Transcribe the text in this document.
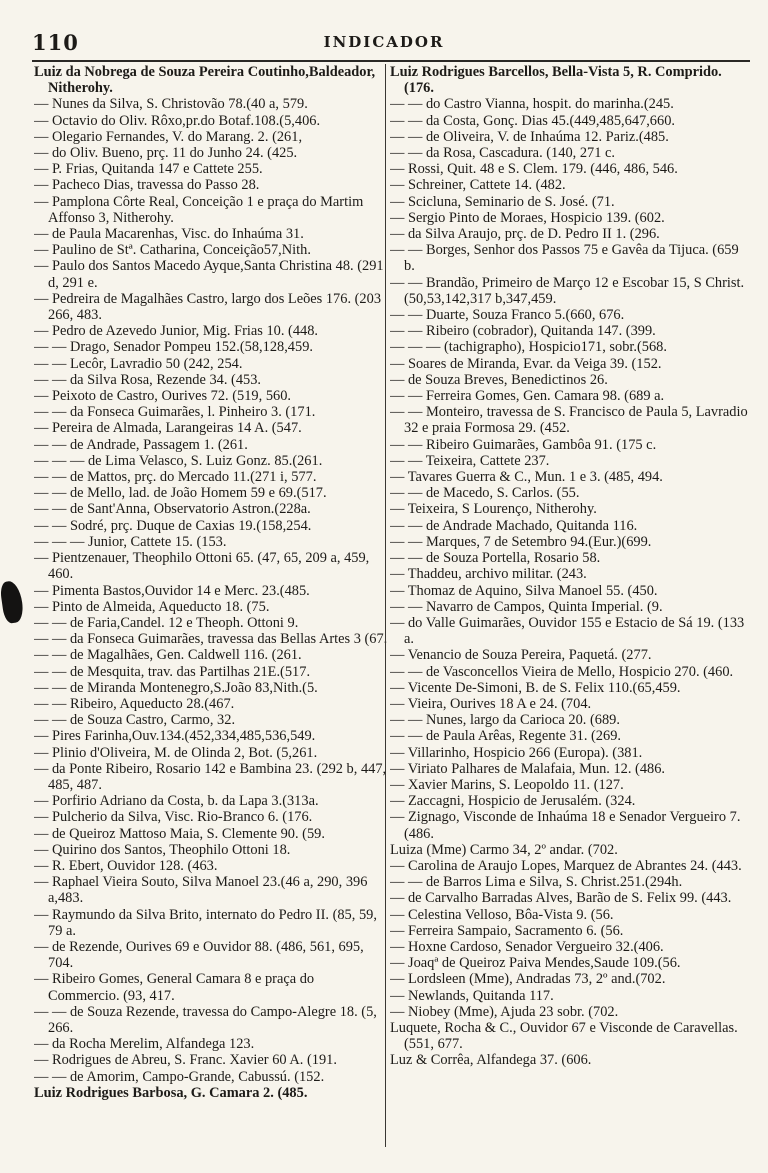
110	INDICADOR
Luiz da Nobrega de Souza Pereira Coutinho,Baldeador, Nitherohy.
— Nunes da Silva, S. Christovão 78.(40 a, 579.
— Octavio do Oliv. Rôxo,pr.do Botaf.108.(5,406.
— Olegario Fernandes, V. do Marang. 2. (261,
— do Oliv. Bueno, prç. 11 do Junho 24. (425.
— P. Frias, Quitanda 147 e Cattete 255.
— Pacheco Dias, travessa do Passo 28.
— Pamplona Côrte Real, Conceição 1 e praça do Martim Affonso 3, Nitherohy.
— de Paula Macarenhas, Visc. do Inhaúma 31.
— Paulino de Stª. Catharina, Conceição57,Nith.
— Paulo dos Santos Macedo Ayque,Santa Christina 48. (291 d, 291 e.
— Pedreira de Magalhães Castro, largo dos Leões 176. (203 266, 483.
— Pedro de Azevedo Junior, Mig. Frias 10. (448.
— — Drago, Senador Pompeu 152.(58,128,459.
— — Lecôr, Lavradio 50 (242, 254.
— — da Silva Rosa, Rezende 34. (453.
— Peixoto de Castro, Ourives 72. (519, 560.
— — da Fonseca Guimarães, l. Pinheiro 3. (171.
— Pereira de Almada, Larangeiras 14 A. (547.
— — de Andrade, Passagem 1. (261.
— — — de Lima Velasco, S. Luiz Gonz. 85.(261.
— — de Mattos, prç. do Mercado 11.(271 i, 577.
— — de Mello, lad. de João Homem 59 e 69.(517.
— — de Sant'Anna, Observatorio Astron.(228a.
— — Sodré, prç. Duque de Caxias 19.(158,254.
— — — Junior, Cattete 15. (153.
— Pientzenauer, Theophilo Ottoni 65. (47, 65, 209 a, 459, 460.
— Pimenta Bastos,Ouvidor 14 e Merc. 23.(485.
— Pinto de Almeida, Aqueducto 18. (75.
— — de Faria,Candel. 12 e Theoph. Ottoni 9.
— — da Fonseca Guimarães, travessa das Bellas Artes 3 (67.
— — de Magalhães, Gen. Caldwell 116. (261.
— — de Mesquita, trav. das Partilhas 21E.(517.
— — de Miranda Montenegro,S.João 83,Nith.(5.
— — Ribeiro, Aqueducto 28.(467.
— — de Souza Castro, Carmo, 32.
— Pires Farinha,Ouv.134.(452,334,485,536,549.
— Plinio d'Oliveira, M. de Olinda 2, Bot. (5,261.
— da Ponte Ribeiro, Rosario 142 e Bambina 23. (292 b, 447, 485, 487.
— Porfirio Adriano da Costa, b. da Lapa 3.(313a.
— Pulcherio da Silva, Visc. Rio-Branco 6. (176.
— de Queiroz Mattoso Maia, S. Clemente 90. (59.
— Quirino dos Santos, Theophilo Ottoni 18.
— R. Ebert, Ouvidor 128. (463.
— Raphael Vieira Souto, Silva Manoel 23.(46 a, 290, 396 a,483.
— Raymundo da Silva Brito, internato do Pedro II. (85, 59, 79 a.
— de Rezende, Ourives 69 e Ouvidor 88. (486, 561, 695, 704.
— Ribeiro Gomes, General Camara 8 e praça do Commercio. (93, 417.
— — de Souza Rezende, travessa do Campo-Alegre 18. (5, 266.
— da Rocha Merelim, Alfandega 123.
— Rodrigues de Abreu, S. Franc. Xavier 60 A. (191.
— — de Amorim, Campo-Grande, Cabussú. (152.
Luiz Rodrigues Barbosa, G. Camara 2. (485.
Luiz Rodrigues Barcellos, Bella-Vista 5, R. Comprido. (176.
— — do Castro Vianna, hospit. do marinha.(245.
— — da Costa, Gonç. Dias 45.(449,485,647,660.
— — de Oliveira, V. de Inhaúma 12. Pariz.(485.
— — da Rosa, Cascadura. (140, 271 c.
— Rossi, Quit. 48 e S. Clem. 179. (446, 486, 546.
— Schreiner, Cattete 14. (482.
— Scicluna, Seminario de S. José. (71.
— Sergio Pinto de Moraes, Hospicio 139. (602.
— da Silva Araujo, prç. de D. Pedro II 1. (296.
— — Borges, Senhor dos Passos 75 e Gavêa da Tijuca. (659 b.
— — Brandão, Primeiro de Março 12 e Escobar 15, S Christ.(50,53,142,317 b,347,459.
— — Duarte, Souza Franco 5.(660, 676.
— — Ribeiro (cobrador), Quitanda 147. (399.
— — — (tachigrapho), Hospicio171, sobr.(568.
— Soares de Miranda, Evar. da Veiga 39. (152.
— de Souza Breves, Benedictinos 26.
— — Ferreira Gomes, Gen. Camara 98. (689 a.
— — Monteiro, travessa de S. Francisco de Paula 5, Lavradio 32 e praia Formosa 29. (452.
— — Ribeiro Guimarães, Gambôa 91. (175 c.
— — Teixeira, Cattete 237.
— Tavares Guerra & C., Mun. 1 e 3. (485, 494.
— — de Macedo, S. Carlos. (55.
— Teixeira, S Lourenço, Nitherohy.
— — de Andrade Machado, Quitanda 116.
— — Marques, 7 de Setembro 94.(Eur.)(699.
— — de Souza Portella, Rosario 58.
— Thaddeu, archivo militar. (243.
— Thomaz de Aquino, Silva Manoel 55. (450.
— — Navarro de Campos, Quinta Imperial. (9.
— do Valle Guimarães, Ouvidor 155 e Estacio de Sá 19. (133 a.
— Venancio de Souza Pereira, Paquetá. (277.
— — de Vasconcellos Vieira de Mello, Hospicio 270. (460.
— Vicente De-Simoni, B. de S. Felix 110.(65,459.
— Vieira, Ourives 18 A e 24. (704.
— — Nunes, largo da Carioca 20. (689.
— — de Paula Arêas, Regente 31. (269.
— Villarinho, Hospicio 266 (Europa). (381.
— Viriato Palhares de Malafaia, Mun. 12. (486.
— Xavier Marins, S. Leopoldo 11. (127.
— Zaccagni, Hospicio de Jerusalém. (324.
— Zignago, Visconde de Inhaúma 18 e Senador Vergueiro 7. (486.
Luiza (Mme) Carmo 34, 2º andar. (702.
— Carolina de Araujo Lopes, Marquez de Abrantes 24. (443.
— — de Barros Lima e Silva, S. Christ.251.(294h.
— de Carvalho Barradas Alves, Barão de S. Felix 99. (443.
— Celestina Velloso, Bôa-Vista 9. (56.
— Ferreira Sampaio, Sacramento 6. (56.
— Hoxne Cardoso, Senador Vergueiro 32.(406.
— Joaqª de Queiroz Paiva Mendes,Saude 109.(56.
— Lordsleen (Mme), Andradas 73, 2º and.(702.
— Newlands, Quitanda 117.
— Niobey (Mme), Ajuda 23 sobr. (702.
Luquete, Rocha & C., Ouvidor 67 e Visconde de Caravellas. (551, 677.
Luz & Corrêa, Alfandega 37. (606.
